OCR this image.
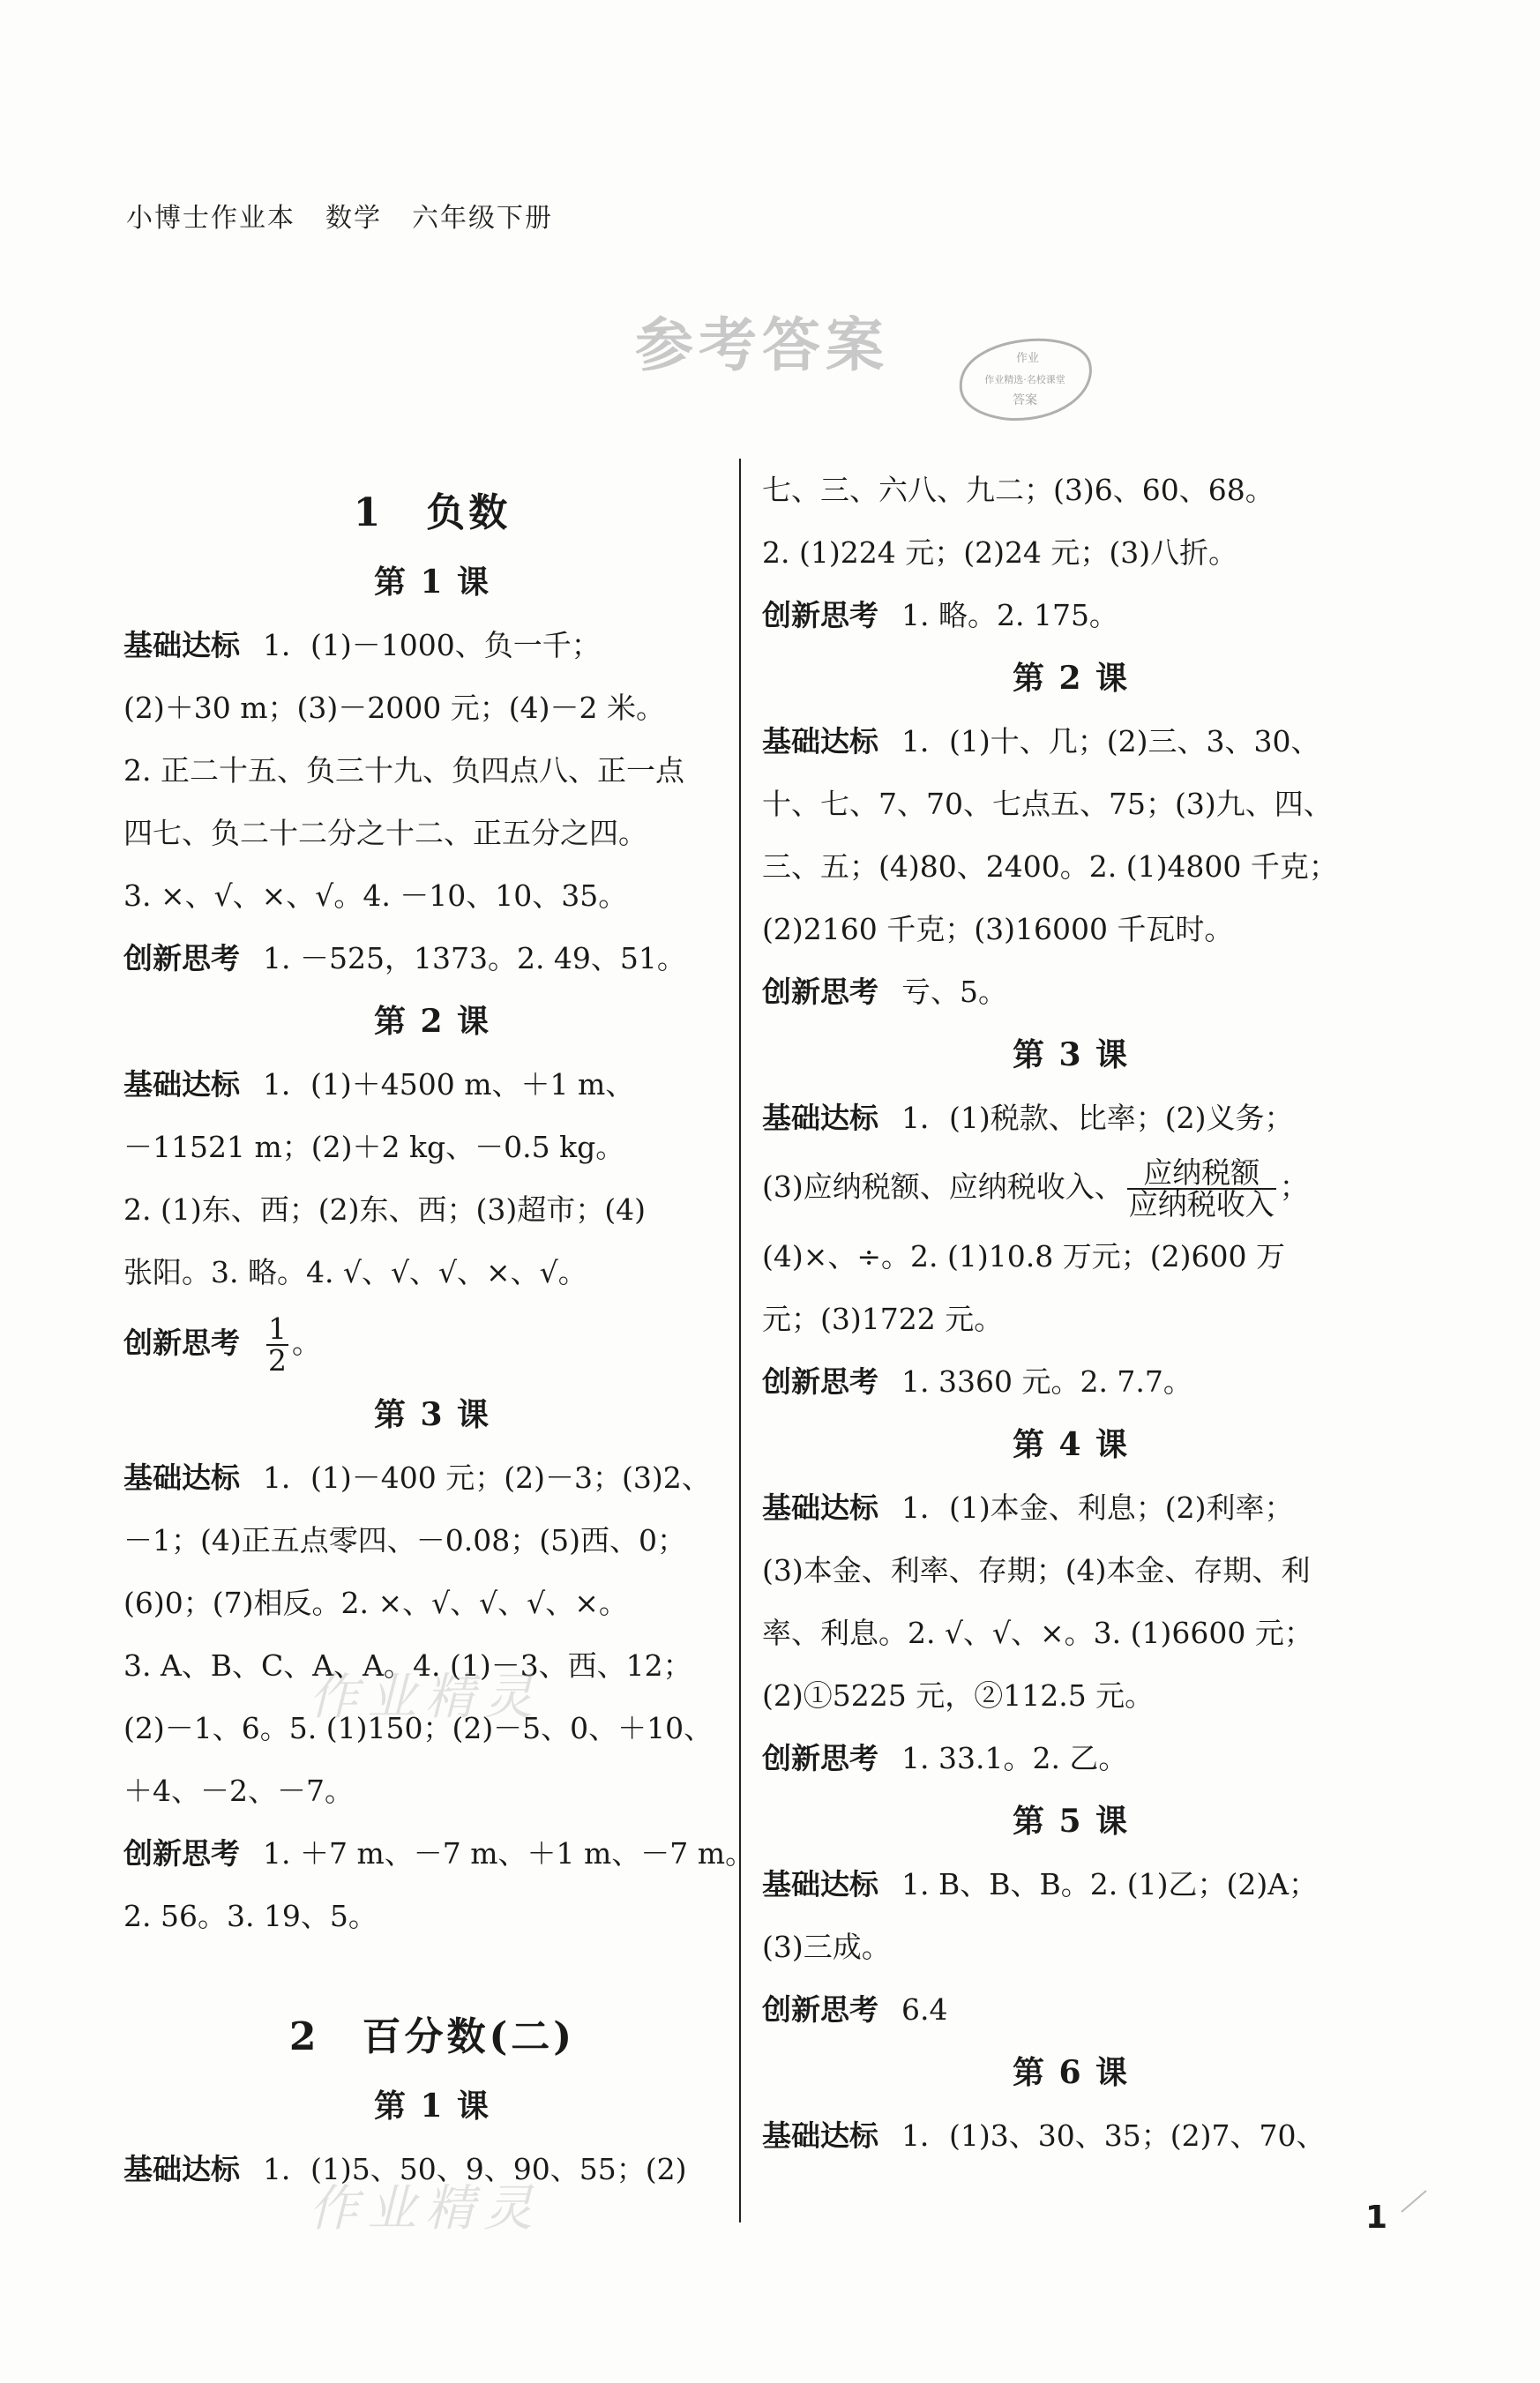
小博士作业本 数学 六年级下册
参考答案	作业
作业精选·名校课堂
答案
1　负数
第 1 课
基础达标 1．(1)－1000、负一千；
(2)＋30 m；(3)－2000 元；(4)－2 米。
2. 正二十五、负三十九、负四点八、正一点
四七、负二十二分之十二、正五分之四。
3. ×、√、×、√。4. －10、10、35。
创新思考 1. －525，1373。2. 49、51。
第 2 课
基础达标 1．(1)＋4500 m、＋1 m、
－11521 m；(2)＋2 kg、－0.5 kg。
2. (1)东、西；(2)东、西；(3)超市；(4)
张阳。3. 略。4. √、√、√、×、√。
创新思考 $\frac{1}{2}$ 。
第 3 课
基础达标 1．(1)－400 元；(2)－3；(3)2、
－1；(4)正五点零四、－0.08；(5)西、0；
(6)0；(7)相反。2. ×、√、√、√、×。
3. A、B、C、A、A。4. (1)－3、西、12；
(2)－1、6。5. (1)150；(2)－5、0、＋10、
＋4、－2、－7。
创新思考 1. ＋7 m、－7 m、＋1 m、－7 m。
2. 56。3. 19、5。
2　百分数(二)
第 1 课
基础达标 1．(1)5、50、9、90、55；(2)
七、三、六八、九二；(3)6、60、68。
2. (1)224 元；(2)24 元；(3)八折。
创新思考 1. 略。2. 175。
第 2 课
基础达标 1．(1)十、几；(2)三、3、30、
十、七、7、70、七点五、75；(3)九、四、
三、五；(4)80、2400。2. (1)4800 千克；
(2)2160 千克；(3)16000 千瓦时。
创新思考 亏、5。
第 3 课
基础达标 1．(1)税款、比率；(2)义务；
(3)应纳税额、应纳税收入、 $\frac{\text{应纳税额}}{\text{应纳税收入}}$ ；
(4)×、÷。2. (1)10.8 万元；(2)600 万
元；(3)1722 元。
创新思考 1. 3360 元。2. 7.7。
第 4 课
基础达标 1．(1)本金、利息；(2)利率；
(3)本金、利率、存期；(4)本金、存期、利
率、利息。2. √、√、×。3. (1)6600 元；
(2)①5225 元，②112.5 元。
创新思考 1. 33.1。2. 乙。
第 5 课
基础达标 1. B、B、B。2. (1)乙；(2)A；
(3)三成。
创新思考 6.4
第 6 课
基础达标 1．(1)3、30、35；(2)7、70、
作业精灵
作业精灵	1
